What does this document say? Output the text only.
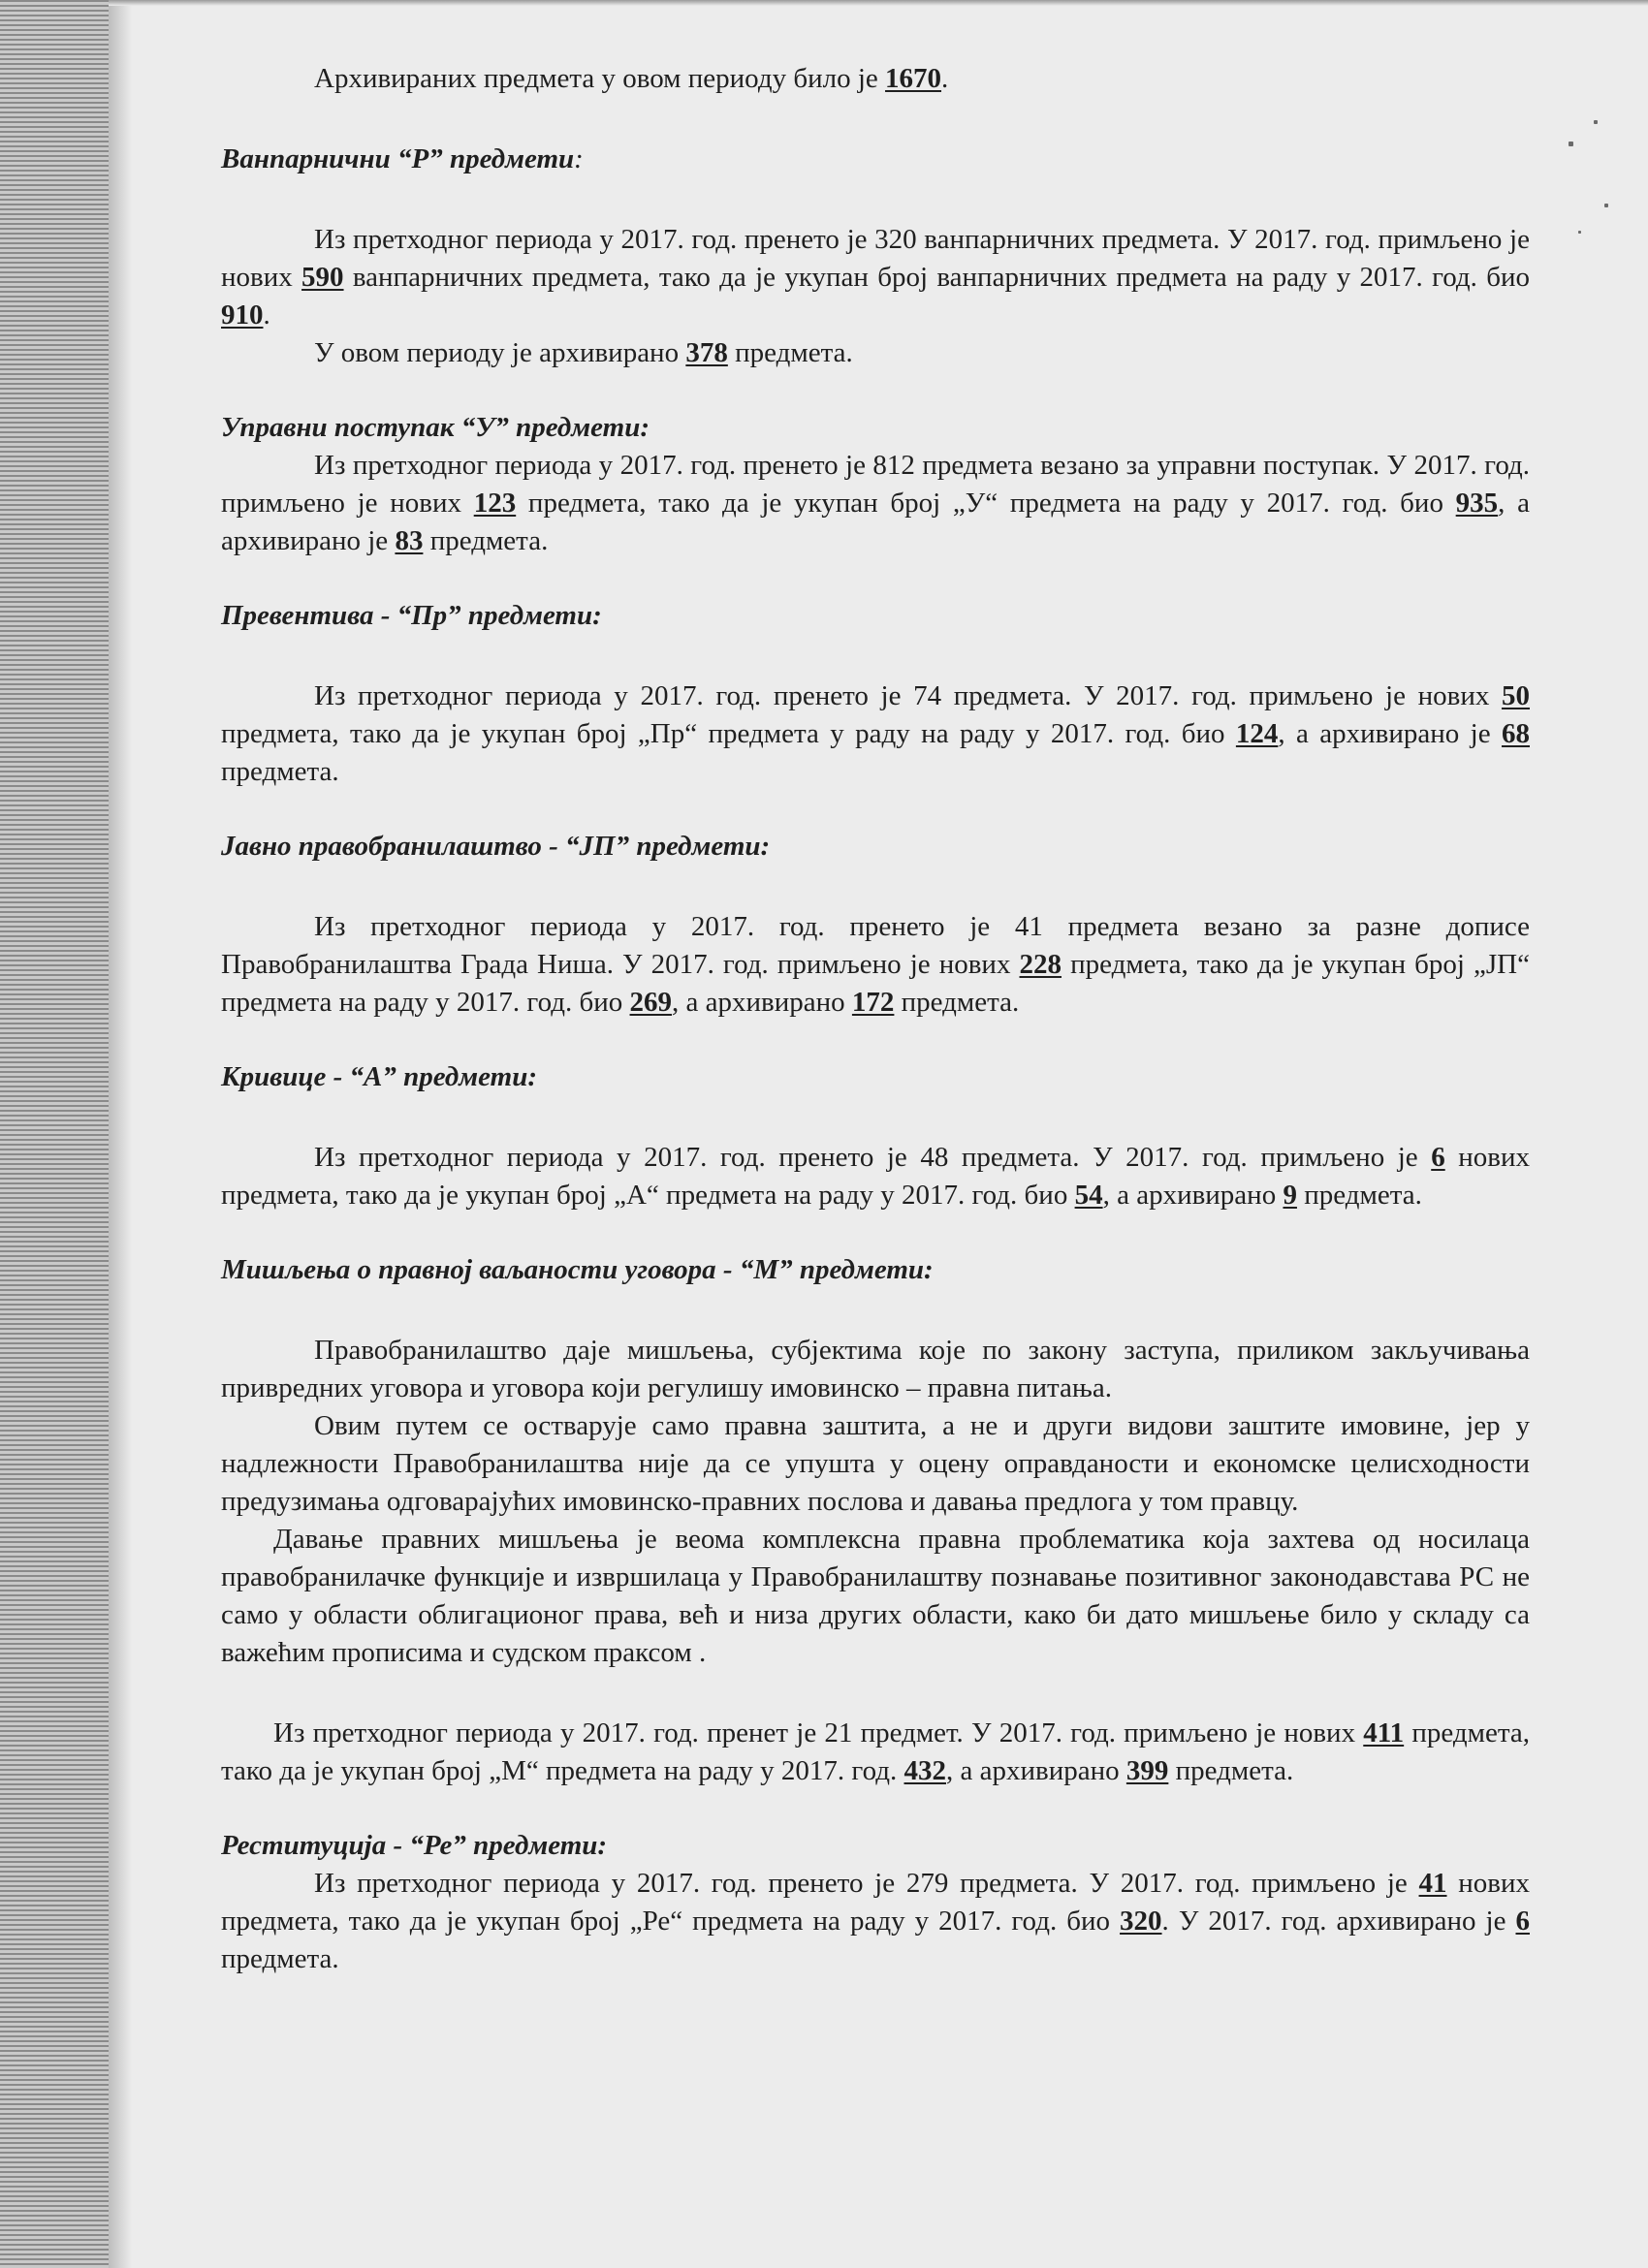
Архивираних предмета у овом периоду било је 1670.

Ванпарнични “Р” предмети:

Из претходног периода у 2017. год. пренето је 320 ванпарничних предмета. У 2017. год. примљено је нових 590 ванпарничних предмета, тако да је укупан број ванпарничних предмета на раду у 2017. год. био 910.

У овом периоду је архивирано 378 предмета.

Управни поступак “У” предмети:

Из претходног периода у 2017. год. пренето је 812 предмета везано за управни поступак. У 2017. год. примљено је нових 123 предмета, тако да је укупан број „У“ предмета на раду у 2017. год. био 935, а архивирано је 83 предмета.

Превентива - “Пр” предмети:

Из претходног периода у 2017. год. пренето је 74 предмета. У 2017. год. примљено је нових 50 предмета, тако да је укупан број „Пр“ предмета у раду на раду у 2017. год. био 124, а архивирано је 68 предмета.

Јавно правобранилаштво - “ЈП” предмети:

Из претходног периода у 2017. год. пренето је 41 предмета везано за разне дописе Правобранилаштва Града Ниша. У 2017. год. примљено је нових 228 предмета, тако да је укупан број „ЈП“ предмета на раду у 2017. год. био 269, а архивирано 172 предмета.

Кривице - “А” предмети:

Из претходног периода у 2017. год. пренето је 48 предмета. У 2017. год. примљено је 6 нових предмета, тако да је укупан број „А“ предмета на раду у 2017. год. био 54, а архивирано 9 предмета.

Мишљења о правној ваљаности уговора - “М” предмети:

Правобранилаштво даје мишљења, субјектима које по закону заступа, приликом закључивања привредних уговора и уговора који регулишу имовинско – правна питања.

Овим путем се остварује само правна заштита, а не и други видови заштите имовине, јер у надлежности Правобранилаштва није да се упушта у оцену оправданости и економске целисходности предузимања одговарајућих имовинско-правних послова и давања предлога у том правцу.

Давање правних мишљења је веома комплексна правна проблематика која захтева од носилаца правобранилачке функције и извршилаца у Правобранилаштву познавање позитивног законодавстава РС не само у области облигационог права, већ и низа других области, како би дато мишљење било у складу са важећим прописима и судском праксом .

Из претходног периода у 2017. год. пренет је 21 предмет. У 2017. год. примљено је нових 411 предмета, тако да је укупан број „М“ предмета на раду у 2017. год. 432, а архивирано 399 предмета.

Реституција - “Ре” предмети:

Из претходног периода у 2017. год. пренето је 279 предмета. У 2017. год. примљено је 41 нових предмета, тако да је укупан број „Ре“ предмета на раду у 2017. год. био 320. У 2017. год. архивирано је 6 предмета.
